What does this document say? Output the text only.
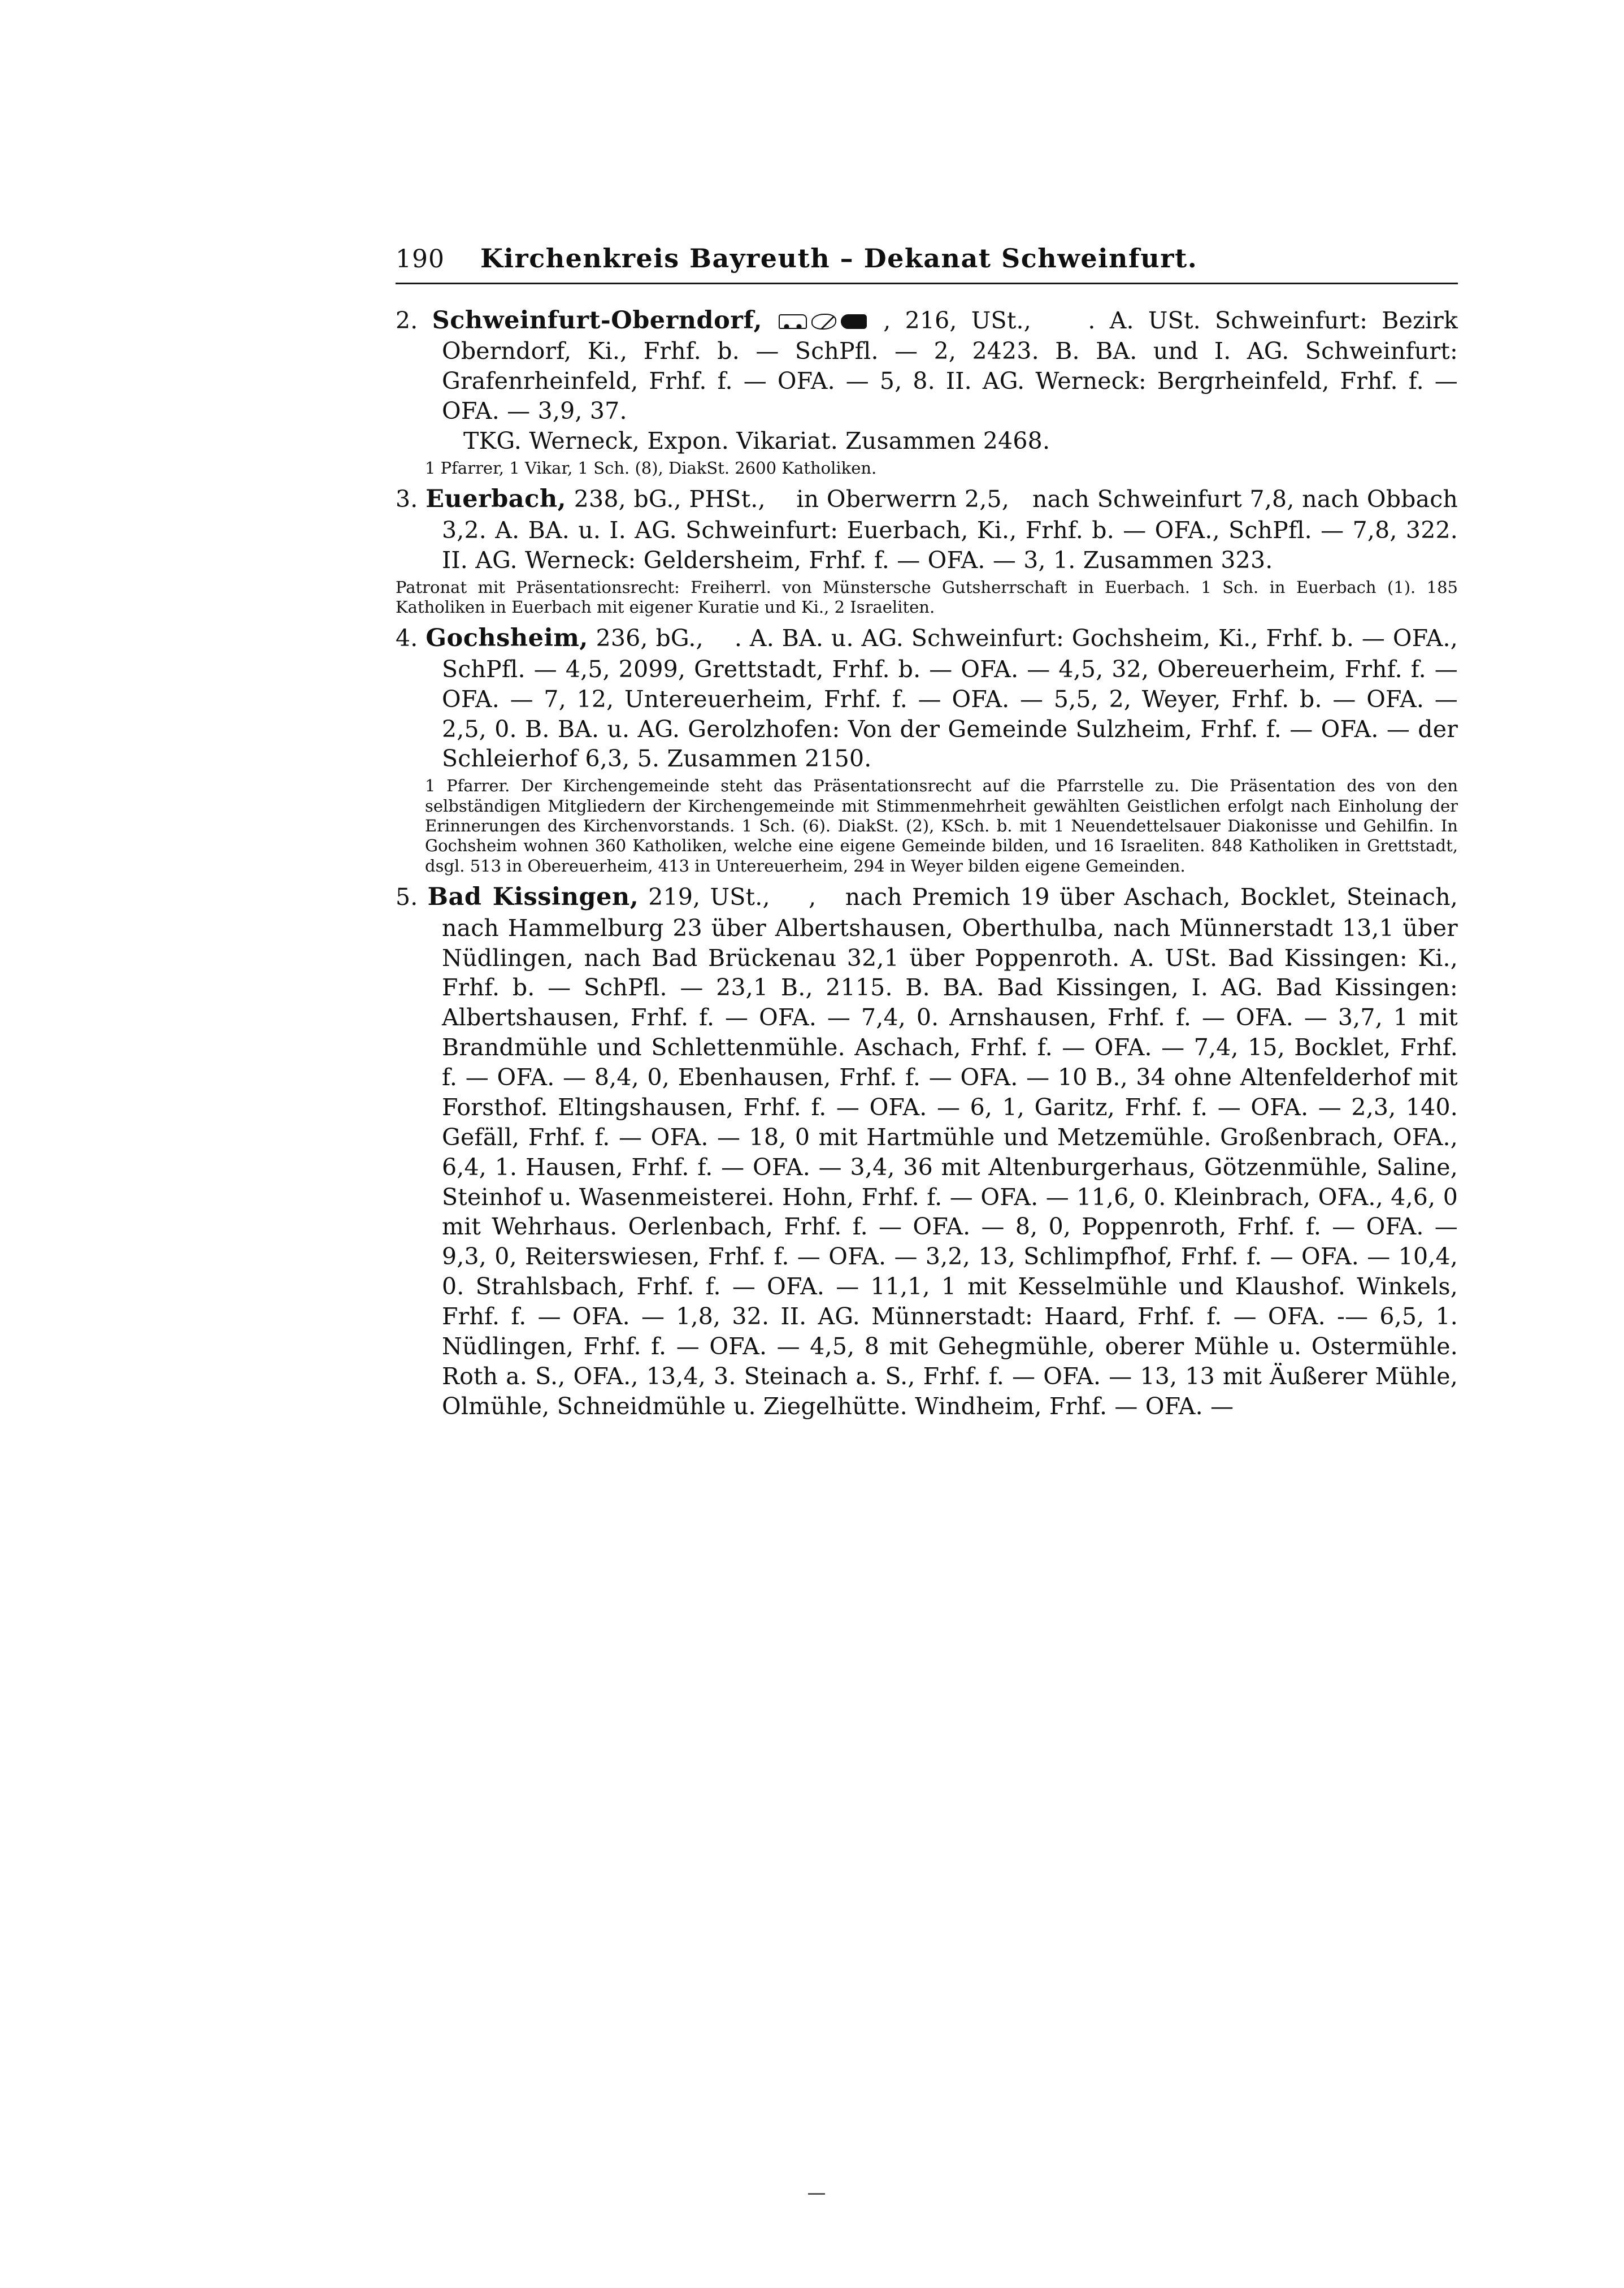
190	Kirchenkreis Bayreuth – Dekanat Schweinfurt.
2. Schweinfurt-Oberndorf,	, 216, USt.,    . A. USt. Schweinfurt: Bezirk Oberndorf, Ki., Frhf. b. — SchPfl. — 2, 2423. B. BA. und I. AG. Schweinfurt: Grafenrheinfeld, Frhf. f. — OFA. — 5, 8. II. AG. Werneck: Bergrheinfeld, Frhf. f. — OFA. — 3,9, 37.
TKG. Werneck, Expon. Vikariat. Zusammen 2468.
1 Pfarrer, 1 Vikar, 1 Sch. (8), DiakSt. 2600 Katholiken.
3. Euerbach, 238, bG., PHSt.,    in Oberwerrn 2,5,   nach Schweinfurt 7,8, nach Obbach 3,2. A. BA. u. I. AG. Schweinfurt: Euerbach, Ki., Frhf. b. — OFA., SchPfl. — 7,8, 322. II. AG. Werneck: Geldersheim, Frhf. f. — OFA. — 3, 1. Zusammen 323.
Patronat mit Präsentationsrecht: Freiherrl. von Münstersche Gutsherrschaft in Euerbach. 1 Sch. in Euerbach (1). 185 Katholiken in Euerbach mit eigener Kuratie und Ki., 2 Israeliten.
4. Gochsheim, 236, bG.,    . A. BA. u. AG. Schweinfurt: Gochsheim, Ki., Frhf. b. — OFA., SchPfl. — 4,5, 2099, Grettstadt, Frhf. b. — OFA. — 4,5, 32, Obereuerheim, Frhf. f. — OFA. — 7, 12, Untereuerheim, Frhf. f. — OFA. — 5,5, 2, Weyer, Frhf. b. — OFA. — 2,5, 0. B. BA. u. AG. Gerolzhofen: Von der Gemeinde Sulzheim, Frhf. f. — OFA. — der Schleierhof 6,3, 5. Zusammen 2150.
1 Pfarrer. Der Kirchengemeinde steht das Präsentationsrecht auf die Pfarrstelle zu. Die Präsentation des von den selbständigen Mitgliedern der Kirchengemeinde mit Stimmenmehrheit gewählten Geistlichen erfolgt nach Einholung der Erinnerungen des Kirchenvorstands. 1 Sch. (6). DiakSt. (2), KSch. b. mit 1 Neuendettelsauer Diakonisse und Gehilfin. In Gochsheim wohnen 360 Katholiken, welche eine eigene Gemeinde bilden, und 16 Israeliten. 848 Katholiken in Grettstadt, dsgl. 513 in Obereuerheim, 413 in Untereuerheim, 294 in Weyer bilden eigene Gemeinden.
5. Bad Kissingen, 219, USt.,    ,   nach Premich 19 über Aschach, Bocklet, Steinach, nach Hammelburg 23 über Albertshausen, Oberthulba, nach Münnerstadt 13,1 über Nüdlingen, nach Bad Brückenau 32,1 über Poppenroth. A. USt. Bad Kissingen: Ki., Frhf. b. — SchPfl. — 23,1 B., 2115. B. BA. Bad Kissingen, I. AG. Bad Kissingen: Albertshausen, Frhf. f. — OFA. — 7,4, 0. Arnshausen, Frhf. f. — OFA. — 3,7, 1 mit Brandmühle und Schlettenmühle. Aschach, Frhf. f. — OFA. — 7,4, 15, Bocklet, Frhf. f. — OFA. — 8,4, 0, Ebenhausen, Frhf. f. — OFA. — 10 B., 34 ohne Altenfelderhof mit Forsthof. Eltingshausen, Frhf. f. — OFA. — 6, 1, Garitz, Frhf. f. — OFA. — 2,3, 140. Gefäll, Frhf. f. — OFA. — 18, 0 mit Hartmühle und Metzemühle. Großenbrach, OFA., 6,4, 1. Hausen, Frhf. f. — OFA. — 3,4, 36 mit Altenburgerhaus, Götzenmühle, Saline, Steinhof u. Wasenmeisterei. Hohn, Frhf. f. — OFA. — 11,6, 0. Kleinbrach, OFA., 4,6, 0 mit Wehrhaus. Oerlenbach, Frhf. f. — OFA. — 8, 0, Poppenroth, Frhf. f. — OFA. — 9,3, 0, Reiterswiesen, Frhf. f. — OFA. — 3,2, 13, Schlimpfhof, Frhf. f. — OFA. — 10,4, 0. Strahlsbach, Frhf. f. — OFA. — 11,1, 1 mit Kesselmühle und Klaushof. Winkels, Frhf. f. — OFA. — 1,8, 32. II. AG. Münnerstadt: Haard, Frhf. f. — OFA. -— 6,5, 1. Nüdlingen, Frhf. f. — OFA. — 4,5, 8 mit Gehegmühle, oberer Mühle u. Ostermühle. Roth a. S., OFA., 13,4, 3. Steinach a. S., Frhf. f. — OFA. — 13, 13 mit Äußerer Mühle, Olmühle, Schneidmühle u. Ziegelhütte. Windheim, Frhf. — OFA. —
